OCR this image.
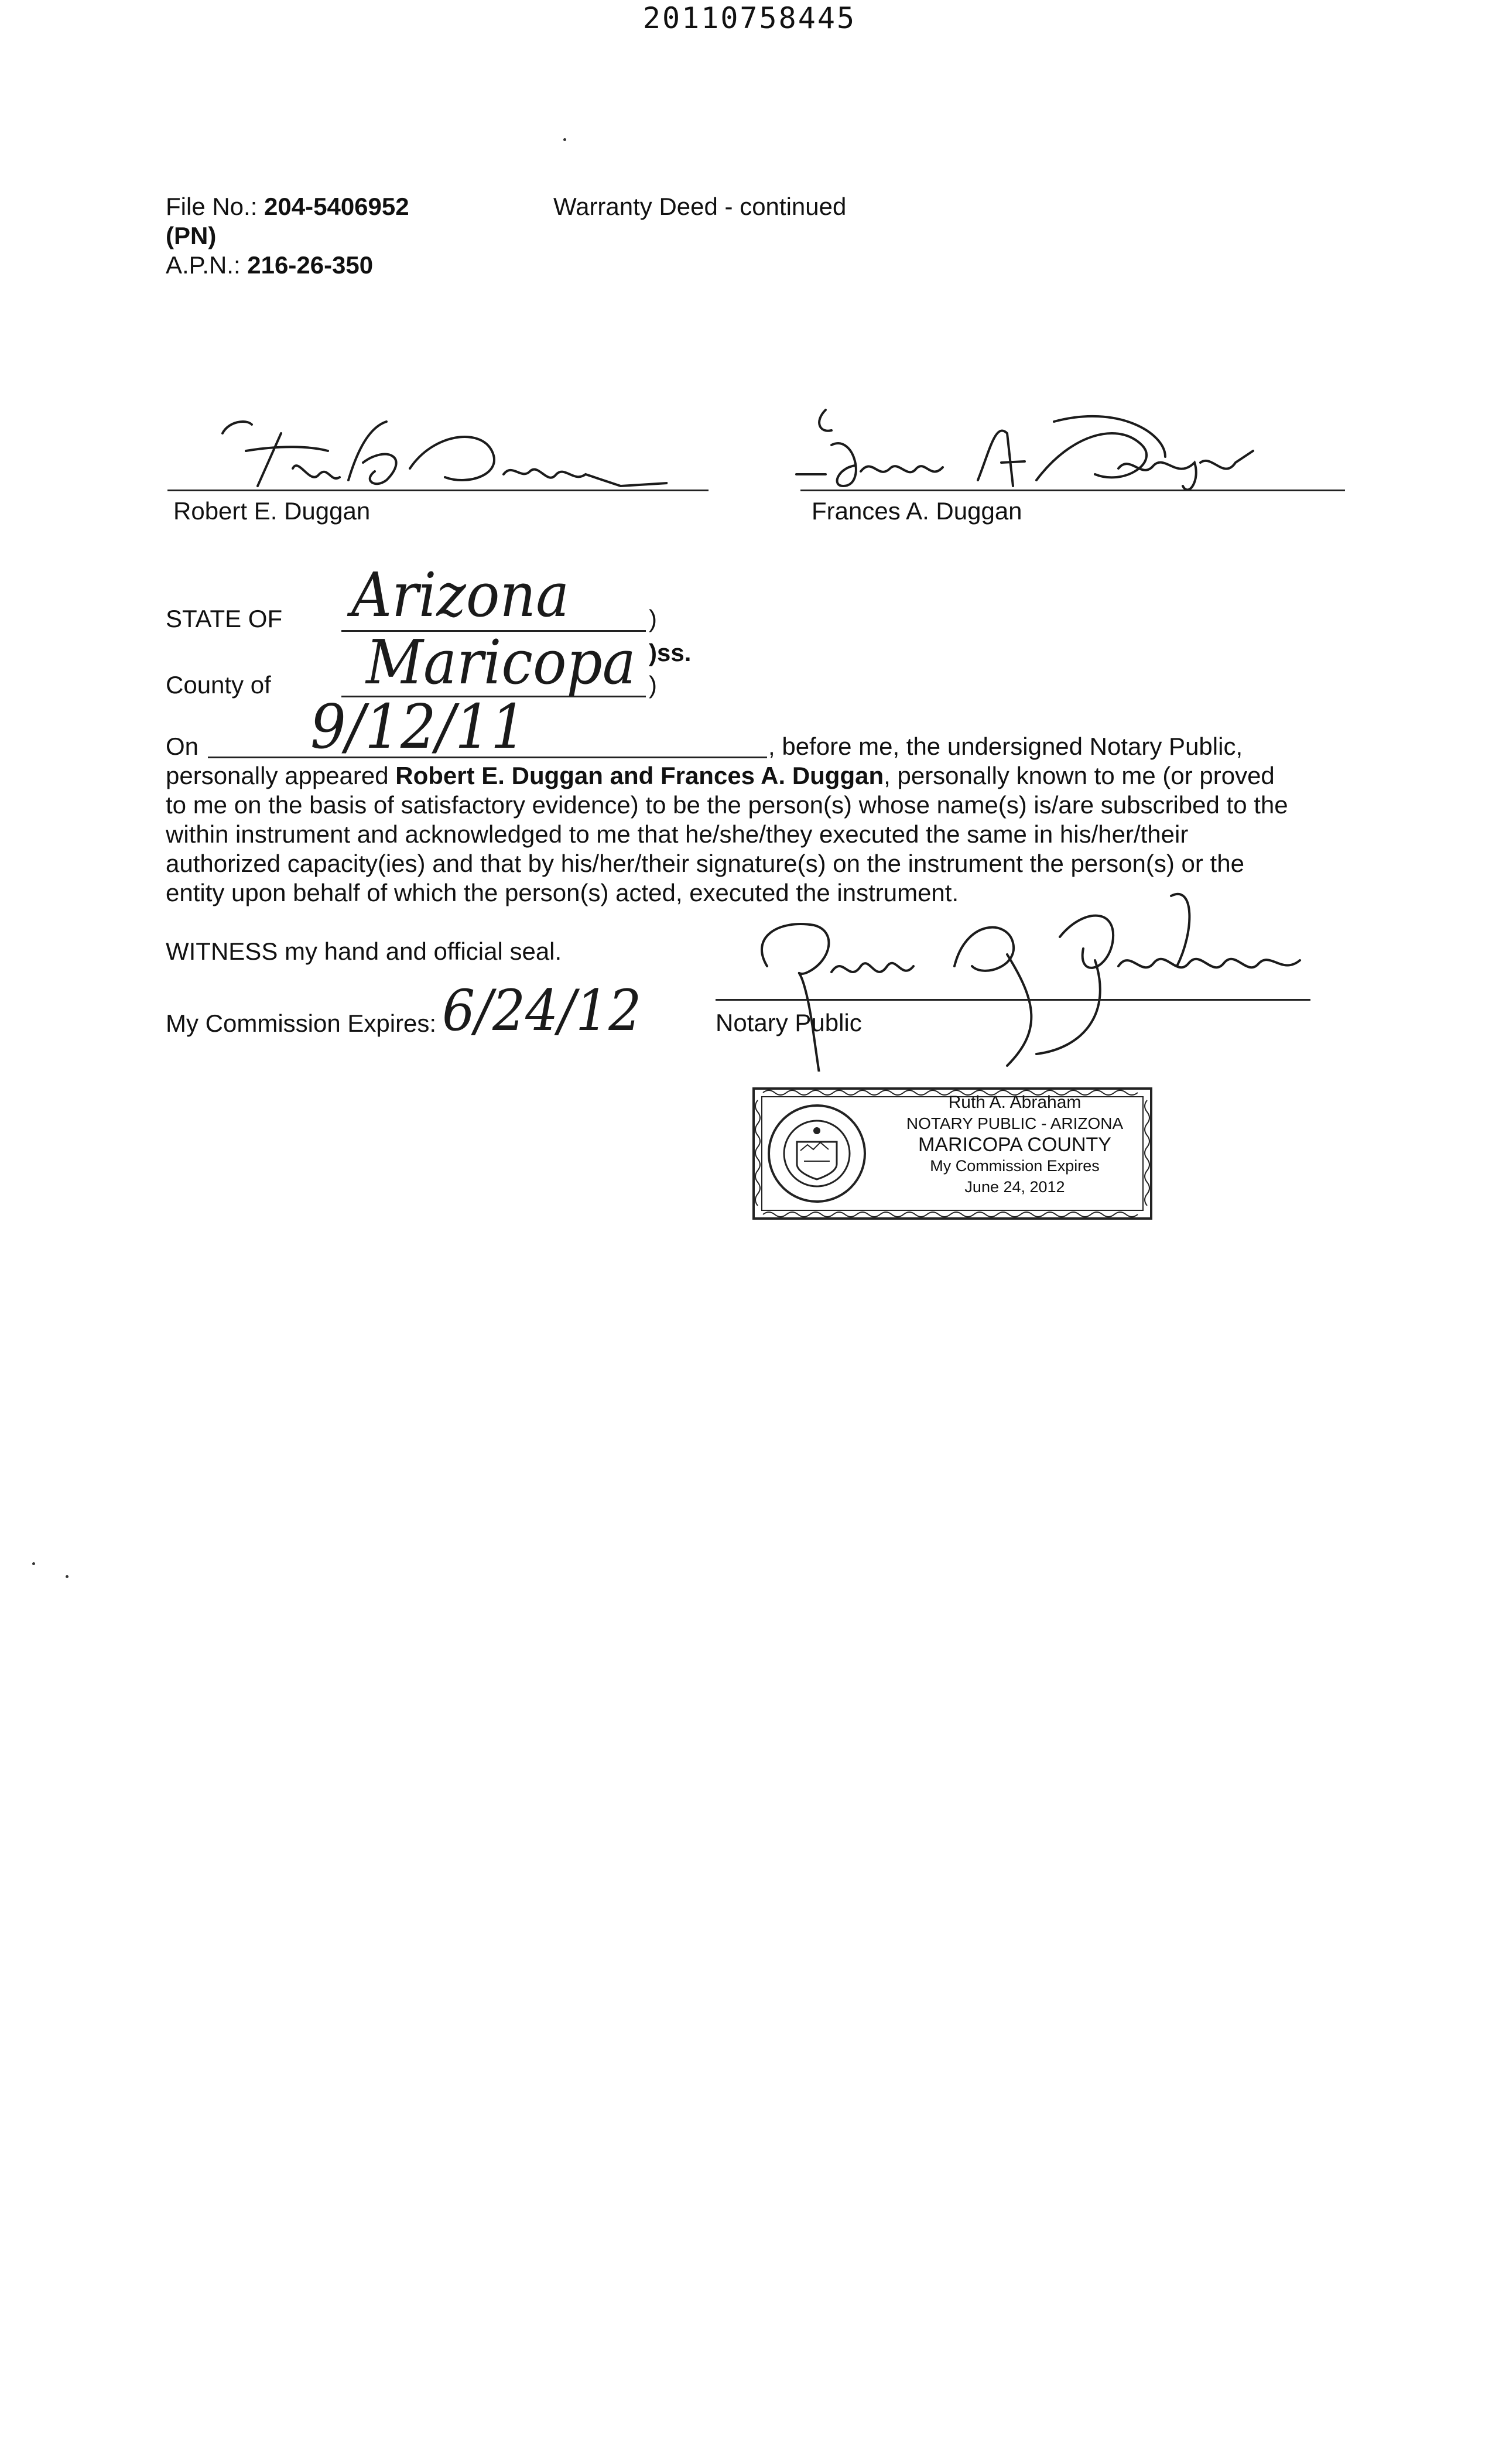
20110758445
File No.: 204-5406952
(PN)
A.P.N.: 216-26-350
Warranty Deed - continued
Robert E. Duggan	Frances A. Duggan
STATE OF Arizona	)
)ss.
County of Maricopa )
On 9/12/11	, before me, the undersigned Notary Public,
personally appeared Robert E. Duggan and Frances A. Duggan, personally known to me (or proved
to me on the basis of satisfactory evidence) to be the person(s) whose name(s) is/are subscribed to the
within instrument and acknowledged to me that he/she/they executed the same in his/her/their
authorized capacity(ies) and that by his/her/their signature(s) on the instrument the person(s) or the
entity upon behalf of which the person(s) acted, executed the instrument.
WITNESS my hand and official seal.
My Commission Expires: 6/24/12	Notary Public
Ruth A. Abraham
NOTARY PUBLIC - ARIZONA
MARICOPA COUNTY
My Commission Expires
June 24, 2012
